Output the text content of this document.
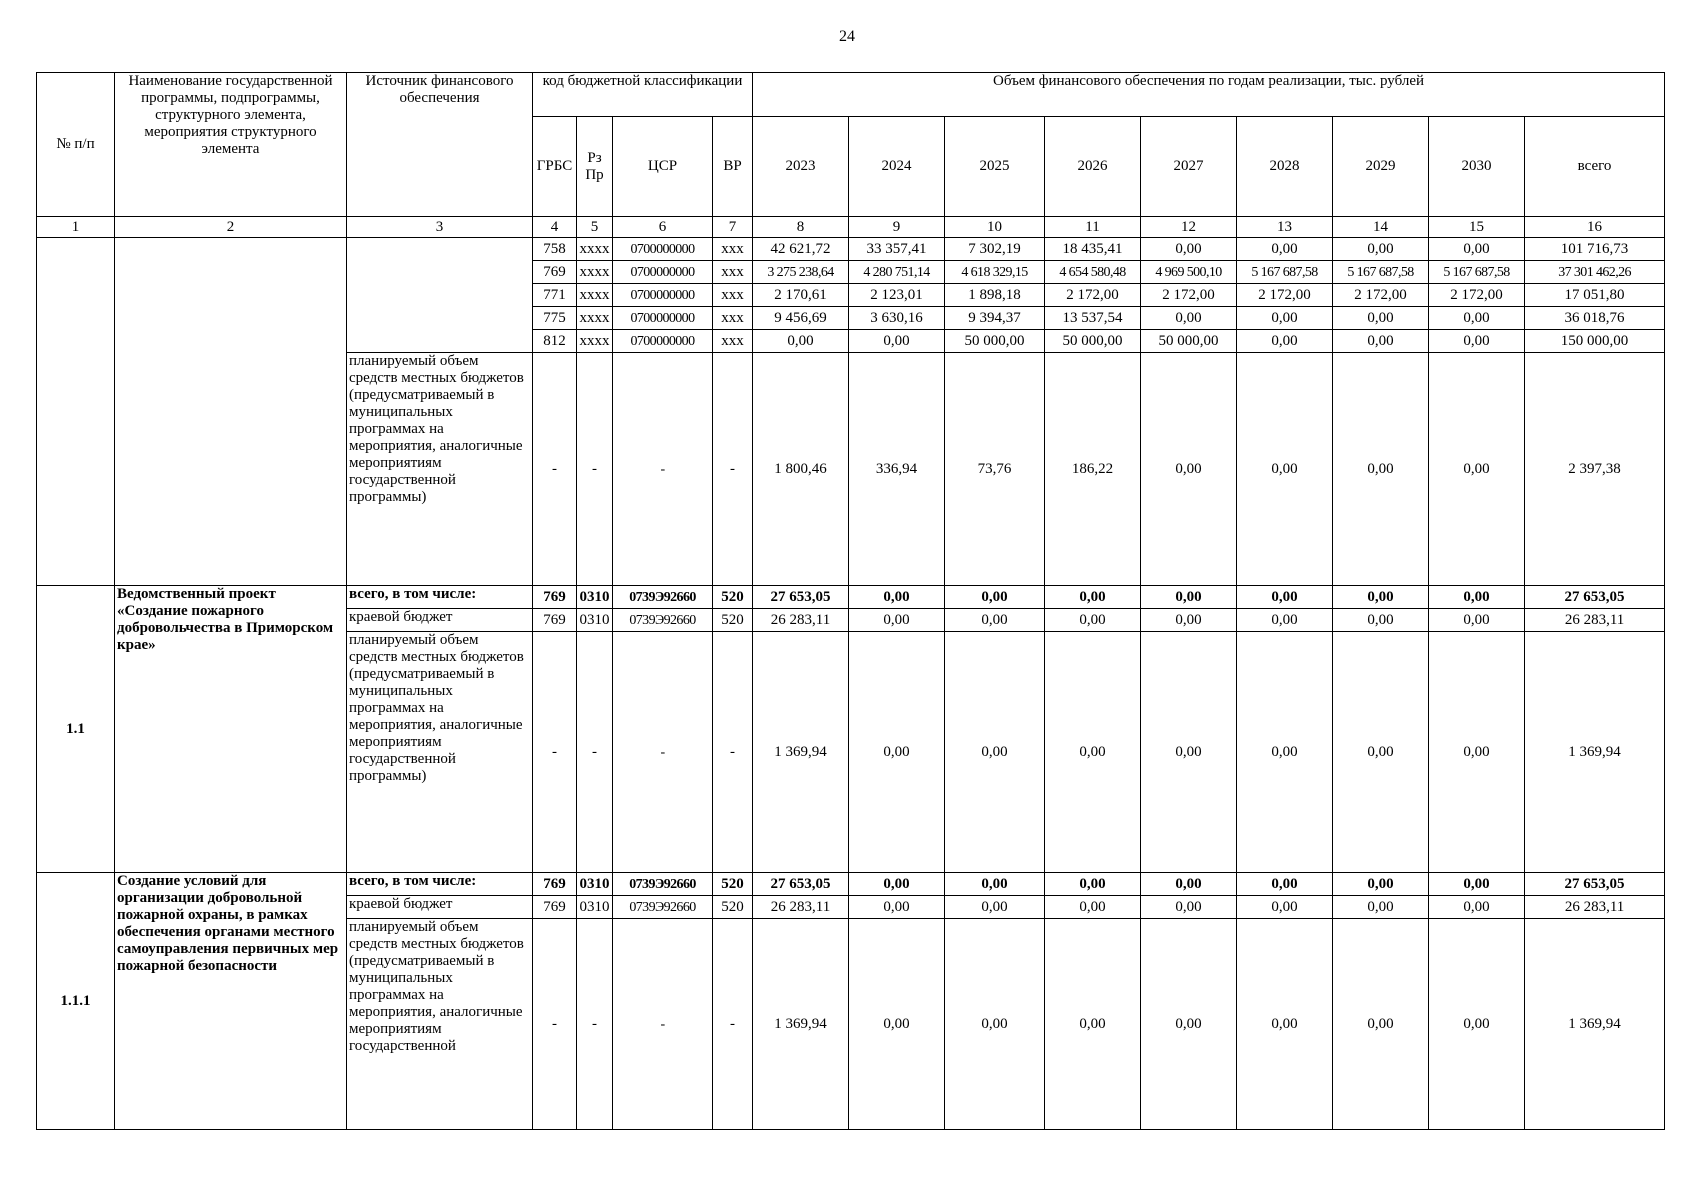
24
№ п/п	Наименование государственной программы, подпрограммы, структурного элемента, мероприятия структурного элемента	Источник финансового обеспечения	код бюджетной классификации				Объем финансового обеспечения по годам реализации, тыс. рублей								
			ГРБС	Рз Пр	ЦСР	ВР	2023	2024	2025	2026	2027	2028	2029	2030	всего
1	2	3	4	5	6	7	8	9	10	11	12	13	14	15	16
			758	xxxx	0700000000	xxx	42 621,72	33 357,41	7 302,19	18 435,41	0,00	0,00	0,00	0,00	101 716,73
			769	xxxx	0700000000	xxx	3 275 238,64	4 280 751,14	4 618 329,15	4 654 580,48	4 969 500,10	5 167 687,58	5 167 687,58	5 167 687,58	37 301 462,26
			771	xxxx	0700000000	xxx	2 170,61	2 123,01	1 898,18	2 172,00	2 172,00	2 172,00	2 172,00	2 172,00	17 051,80
			775	xxxx	0700000000	xxx	9 456,69	3 630,16	9 394,37	13 537,54	0,00	0,00	0,00	0,00	36 018,76
			812	xxxx	0700000000	xxx	0,00	0,00	50 000,00	50 000,00	50 000,00	0,00	0,00	0,00	150 000,00
		планируемый объем средств местных бюджетов (предусматриваемый в муниципальных программах на мероприятия, аналогичные мероприятиям государственной программы)	-	-	-	-	1 800,46	336,94	73,76	186,22	0,00	0,00	0,00	0,00	2 397,38
1.1	Ведомственный проект «Создание пожарного добровольчества в Приморском крае»	всего, в том числе:	769	0310	0739Э92660	520	27 653,05	0,00	0,00	0,00	0,00	0,00	0,00	0,00	27 653,05
		краевой бюджет	769	0310	0739Э92660	520	26 283,11	0,00	0,00	0,00	0,00	0,00	0,00	0,00	26 283,11
		планируемый объем средств местных бюджетов (предусматриваемый в муниципальных программах на мероприятия, аналогичные мероприятиям государственной программы)	-	-	-	-	1 369,94	0,00	0,00	0,00	0,00	0,00	0,00	0,00	1 369,94
1.1.1	Создание условий для организации добровольной пожарной охраны, в рамках обеспечения органами местного самоуправления первичных мер пожарной безопасности	всего, в том числе:	769	0310	0739Э92660	520	27 653,05	0,00	0,00	0,00	0,00	0,00	0,00	0,00	27 653,05
		краевой бюджет	769	0310	0739Э92660	520	26 283,11	0,00	0,00	0,00	0,00	0,00	0,00	0,00	26 283,11
		планируемый объем средств местных бюджетов (предусматриваемый в муниципальных программах на мероприятия, аналогичные мероприятиям государственной	-	-	-	-	1 369,94	0,00	0,00	0,00	0,00	0,00	0,00	0,00	1 369,94
